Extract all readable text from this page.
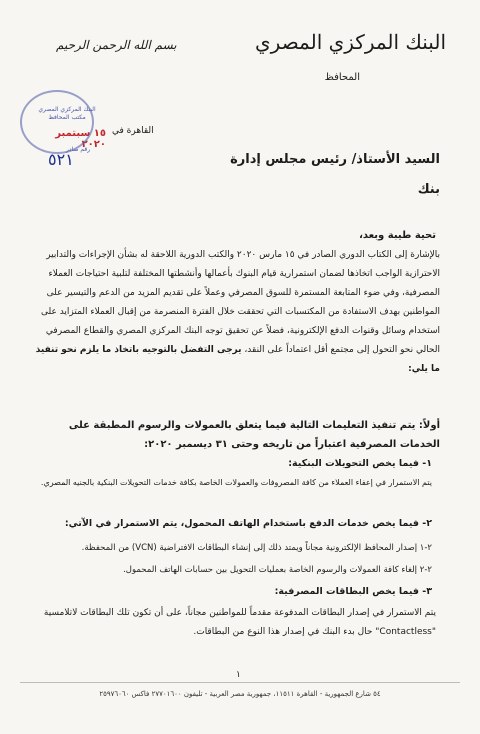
البنك المركزي المصري
المحافظ
بسم الله الرحمن الرحيم
البنك المركزي المصري مكتب المحافظ
١٥ سبتمبر ٢٠٢٠
رقم صادر
٥٢١
القاهرة في
السيد الأستاذ/ رئيس مجلس إدارة
بنك
تحية طيبة وبعد،
بالإشارة إلى الكتاب الدوري الصادر في ١٥ مارس ٢٠٢٠ والكتب الدورية اللاحقة له بشأن الإجراءات والتدابير الاحترازية الواجب اتخاذها لضمان استمرارية قيام البنوك بأعمالها وأنشطتها المختلفة لتلبية احتياجات العملاء المصرفية، وفي ضوء المتابعة المستمرة للسوق المصرفي وعملاً على تقديم المزيد من الدعم والتيسير على المواطنين بهدف الاستفادة من المكتسبات التي تحققت خلال الفترة المنصرمة من إقبال العملاء المتزايد على استخدام وسائل وقنوات الدفع الإلكترونية، فضلاً عن تحقيق توجه البنك المركزي المصري والقطاع المصرفي الحالي نحو التحول إلى مجتمع أقل اعتماداً على النقد، يرجى التفضل بالتوجيه باتخاذ ما يلزم نحو تنفيذ ما يلي:
أولاً: يتم تنفيذ التعليمات التالية فيما يتعلق بالعمولات والرسوم المطبقة على الخدمات المصرفية اعتباراً من تاريخه وحتى ٣١ ديسمبر ٢٠٢٠:
١- فيما يخص التحويلات البنكية:
يتم الاستمرار في إعفاء العملاء من كافة المصروفات والعمولات الخاصة بكافة خدمات التحويلات البنكية بالجنيه المصري.
٢- فيما يخص خدمات الدفع باستخدام الهاتف المحمول، يتم الاستمرار في الآتي:
٢-١ إصدار المحافظ الإلكترونية مجاناً ويمتد ذلك إلى إنشاء البطاقات الافتراضية (VCN) من المحفظة.
٢-٢ إلغاء كافة العمولات والرسوم الخاصة بعمليات التحويل بين حسابات الهاتف المحمول.
٣- فيما يخص البطاقات المصرفية:
يتم الاستمرار في إصدار البطاقات المدفوعة مقدماً للمواطنين مجاناً، على أن تكون تلك البطاقات لاتلامسية "Contactless" حال بدء البنك في إصدار هذا النوع من البطاقات.
١
٥٤ شارع الجمهورية - القاهرة ١١٥١١، جمهورية مصر العربية - تليفون ٢٧٧٠١٦٠٠ فاكس ٢٥٩٧٦٠٦٠
